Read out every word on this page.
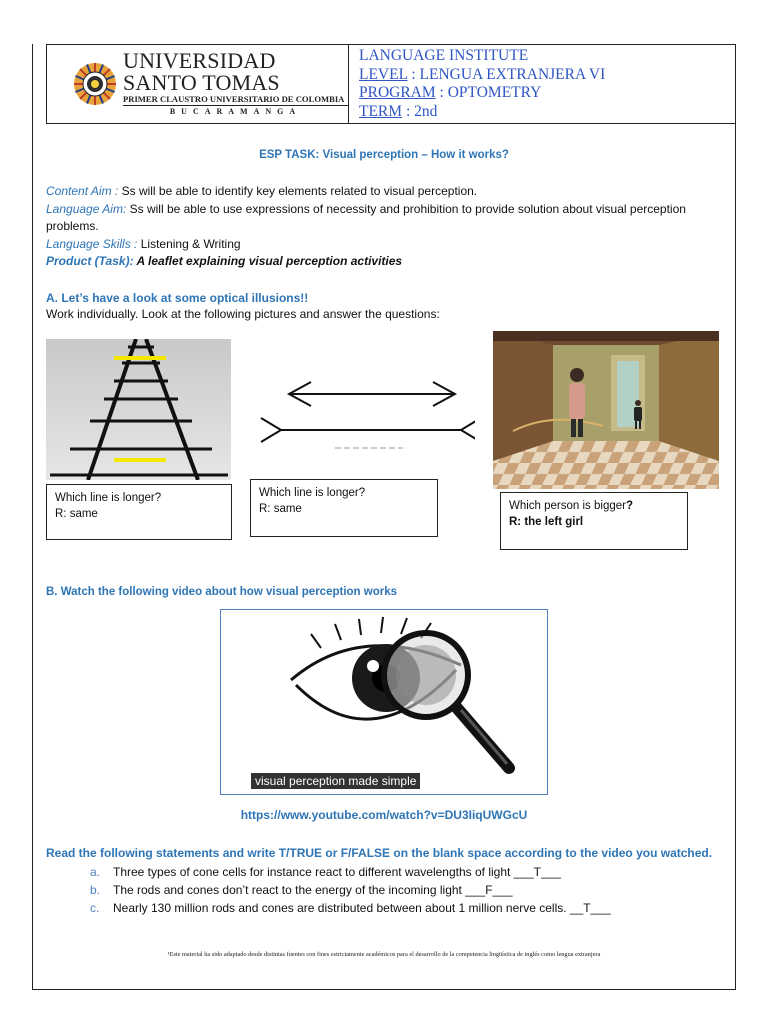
UNIVERSIDAD SANTO TOMAS
PRIMER CLAUSTRO UNIVERSITARIO DE COLOMBIA
BUCARAMANGA
LANGUAGE INSTITUTE
LEVEL : LENGUA EXTRANJERA VI
PROGRAM : OPTOMETRY
TERM : 2nd
ESP TASK: Visual perception – How it works?
Content Aim : Ss will be able to identify key elements related to visual perception.
Language Aim: Ss will be able to use expressions of necessity and prohibition to provide solution about visual perception problems.
Language Skills : Listening & Writing
Product (Task): A leaflet explaining visual perception activities
A. Let’s have a look at some optical illusions!!
Work individually. Look at the following pictures and answer the questions:
Which line is longer?
R: same
Which line is longer?
R: same	Which person is bigger?
R: the left girl
B. Watch the following video about how visual perception works
visual perception made simple
https://www.youtube.com/watch?v=DU3IiqUWGcU
Read the following statements and write T/TRUE or F/FALSE on the blank space according to the video you watched.
a.	Three types of cone cells for instance react to different wavelengths of light ___T___
b.	The rods and cones don’t react to the energy of the incoming light ___F___
c.	Nearly 130 million rods and cones are distributed between about 1 million nerve cells. __T___
¹Este material ha sido adaptado desde distintas fuentes con fines estrictamente académicos para el desarrollo de la competencia lingüística de inglés como lengua extranjera
